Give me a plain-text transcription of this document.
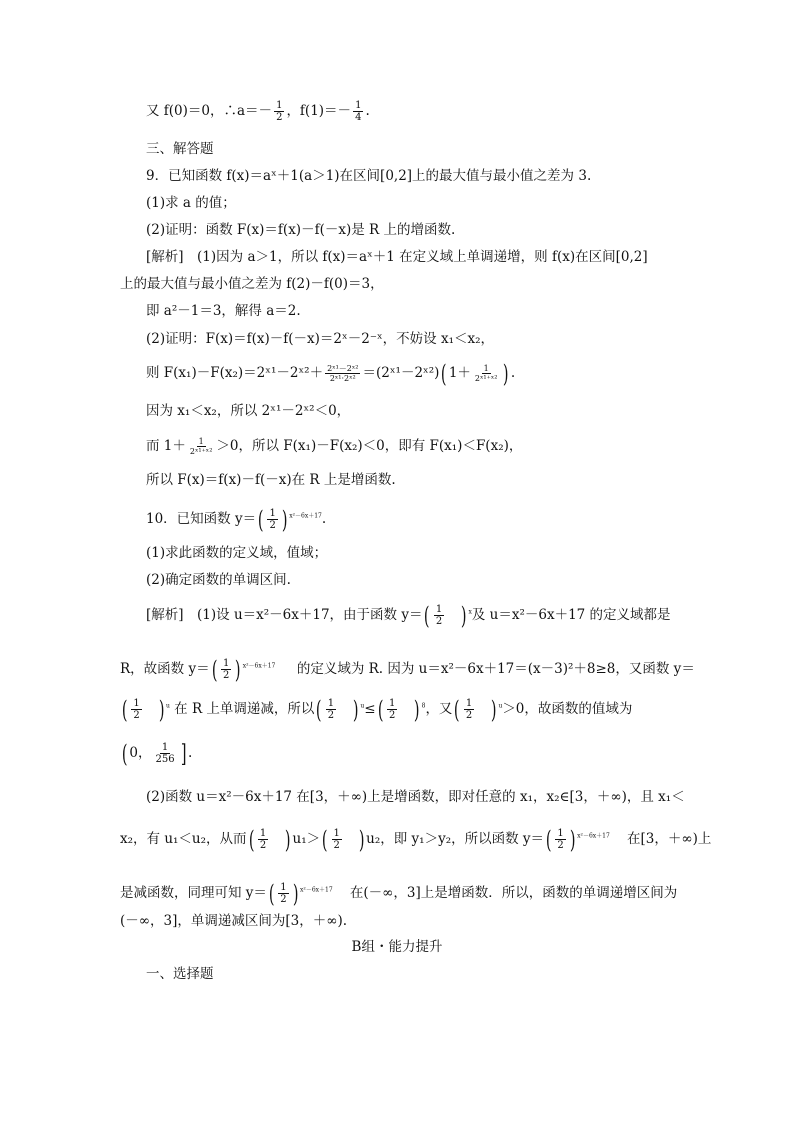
又 f(0)＝0，∴a＝－ $\frac{1}{2}$ ，$f(1)=- \frac{1}{4}$ .
三、解答题
9．已知函数 f(x)＝aˣ＋1(a＞1)在区间[0,2]上的最大值与最小值之差为 3.
(1)求 a 的值；
(2)证明：函数 F(x)＝f(x)－f(－x)是 R 上的增函数.
[解析]　(1)因为 a＞1，所以 f(x)＝aˣ＋1 在定义域上单调递增，则 f(x)在区间[0,2]
上的最大值与最小值之差为 f(2)－f(0)＝3，
即 a²－1＝3，解得 a＝2.
(2)证明：F(x)＝f(x)－f(－x)＝2ˣ－2⁻ˣ，不妨设 x₁＜x₂，
则 F(x₁)－F(x₂)＝2ˣ¹－2ˣ²＋ $\frac{\text{2ˣ¹－2ˣ²}}{\text{2ˣ¹·2ˣ²}}$ ＝(2ˣ¹－2ˣ²)( $1+ \frac{1}{\text{2ˣ¹⁺ˣ²}}$ ) .
因为 x₁＜x₂，所以 2ˣ¹－2ˣ²＜0，
而 $1+ \frac{1}{\text{2ˣ¹⁺ˣ²}} >0$，所以 F(x₁)－F(x₂)＜0，即有 F(x₁)＜F(x₂)，
所以 F(x)＝f(x)－f(－x)在 R 上是增函数.
10．已知函数 $y=( \frac{1}{2}$ ) $^{x^2-6x+17}$.
(1)求此函数的定义域，值域；
(2)确定函数的单调区间.
[解析]　(1)设 u＝x²－6x＋17，由于函数 $y=( \frac{1}{2}$ ) $^x$及 u＝x²－6x＋17 的定义域都是
R，故函数 $y=( \frac{1}{2}$ ) $^{x^2-6x+17}$ 的定义域为 R. 因为 u＝x²－6x＋17＝(x－3)²＋8≥8，又函数 y＝
( $\frac{1}{2}$ ) $^u$ 在 R 上单调递减，所以( $\frac{1}{2}$ ) $^u\le( \frac{1}{2}$ ) $^8$，又( $\frac{1}{2}$ ) $^u$＞0，故函数的值域为
( 0， $\frac{1}{256}$ ] .
(2)函数 u＝x²－6x＋17 在[3，＋∞)上是增函数，即对任意的 x₁，x₂∈[3，＋∞)，且 x₁＜
x₂，有 u₁＜u₂，从而( $\frac{1}{2}$ ) $u_1>( \frac{1}{2}$ ) u₂，即 y₁＞y₂，所以函数 $y=( \frac{1}{2}$ ) $^{x^2-6x+17}$ 在[3，＋∞)上
是减函数，同理可知 $y=( \frac{1}{2}$ ) $^{x^2-6x+17}$ 在(－∞，3]上是增函数．所以，函数的单调递增区间为
(－∞，3]，单调递减区间为[3，＋∞).
B组・能力提升
一、选择题
